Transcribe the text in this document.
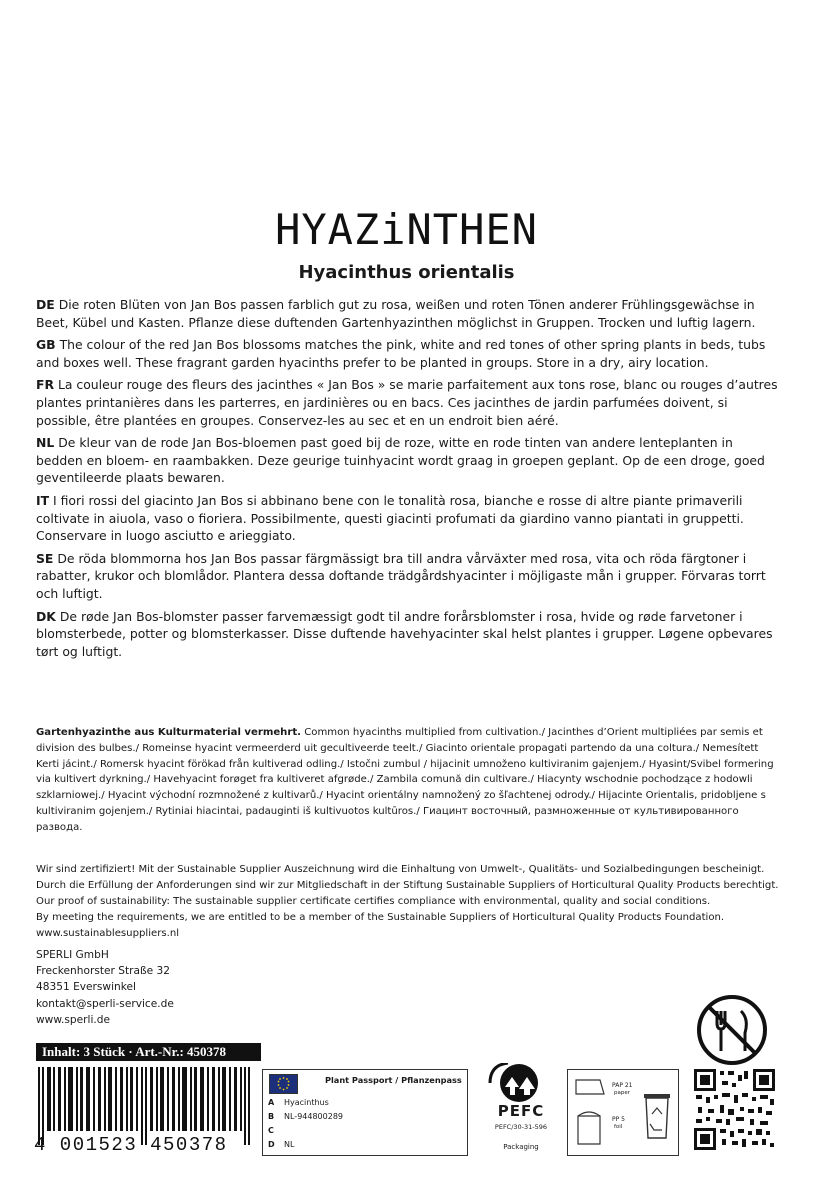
HYAZiNTHEN
Hyacinthus orientalis

DE Die roten Blüten von Jan Bos passen farblich gut zu rosa, weißen und roten Tönen anderer Frühlingsgewächse in Beet, Kübel und Kasten. Pflanze diese duftenden Gartenhyazinthen möglichst in Gruppen. Trocken und luftig lagern.

GB The colour of the red Jan Bos blossoms matches the pink, white and red tones of other spring plants in beds, tubs and boxes well. These fragrant garden hyacinths prefer to be planted in groups. Store in a dry, airy location.

FR La couleur rouge des fleurs des jacinthes « Jan Bos » se marie parfaitement aux tons rose, blanc ou rouges d’autres plantes printanières dans les parterres, en jardinières ou en bacs. Ces jacinthes de jardin parfumées doivent, si possible, être plantées en groupes. Conservez-les au sec et en un endroit bien aéré.

NL De kleur van de rode Jan Bos-bloemen past goed bij de roze, witte en rode tinten van andere lenteplanten in bedden en bloem- en raambakken. Deze geurige tuinhyacint wordt graag in groepen geplant. Op de een droge, goed geventileerde plaats bewaren.

IT I fiori rossi del giacinto Jan Bos si abbinano bene con le tonalità rosa, bianche e rosse di altre piante primaverili coltivate in aiuola, vaso o fioriera. Possibilmente, questi giacinti profumati da giardino vanno piantati in gruppetti. Conservare in luogo asciutto e arieggiato.

SE De röda blommorna hos Jan Bos passar färgmässigt bra till andra vårväxter med rosa, vita och röda färgtoner i rabatter, krukor och blomlådor. Plantera dessa doftande trädgårdshyacinter i möjligaste mån i grupper. Förvaras torrt och luftigt.

DK De røde Jan Bos-blomster passer farvemæssigt godt til andre forårsblomster i rosa, hvide og røde farvetoner i blomsterbede, potter og blomsterkasser. Disse duftende havehyacinter skal helst plantes i grupper. Løgene opbevares tørt og luftigt.

Gartenhyazinthe aus Kulturmaterial vermehrt. Common hyacinths multiplied from cultivation./ Jacinthes d’Orient multipliées par semis et division des bulbes./ Romeinse hyacint vermeerderd uit gecultiveerde teelt./ Giacinto orientale propagati partendo da una coltura./ Nemesített Kerti jácint./ Romersk hyacint förökad från kultiverad odling./ Istočni zumbul / hijacinit umnoženo kultiviranim gajenjem./ Hyasint/Svibel formering via kultivert dyrkning./ Havehyacint forøget fra kultiveret afgrøde./ Zambila comună din cultivare./ Hiacynty wschodnie pochodzące z hodowli szklarniowej./ Hyacint východní rozmnožené z kultivarů./ Hyacint orientálny namnožený zo šľachtenej odrody./ Hijacinte Orientalis, pridobljene s kultiviranim gojenjem./ Rytiniai hiacintai, padauginti iš kultivuotos kultūros./ Гиацинт восточный, размноженные от культивированного развода.
Wir sind zertifiziert! Mit der Sustainable Supplier Auszeichnung wird die Einhaltung von Umwelt-, Qualitäts- und Sozialbedingungen bescheinigt.
Durch die Erfüllung der Anforderungen sind wir zur Mitgliedschaft in der Stiftung Sustainable Suppliers of Horticultural Quality Products berechtigt.
Our proof of sustainability: The sustainable supplier certificate certifies compliance with environmental, quality and social conditions.
By meeting the requirements, we are entitled to be a member of the Sustainable Suppliers of Horticultural Quality Products Foundation.
www.sustainablesuppliers.nl
SPERLI GmbH
Freckenhorster Straße 32
48351 Everswinkel
kontakt@sperli-service.de
www.sperli.de
Inhalt: 3 Stück · Art.-Nr.: 450378
4 001523 450378
Plant Passport / Pflanzenpass
A Hyacinthus
B NL-944800289
C
D NL
PEFC
PEFC/30-31-596
Packaging
PAP 21
paper
PP 5
foil
